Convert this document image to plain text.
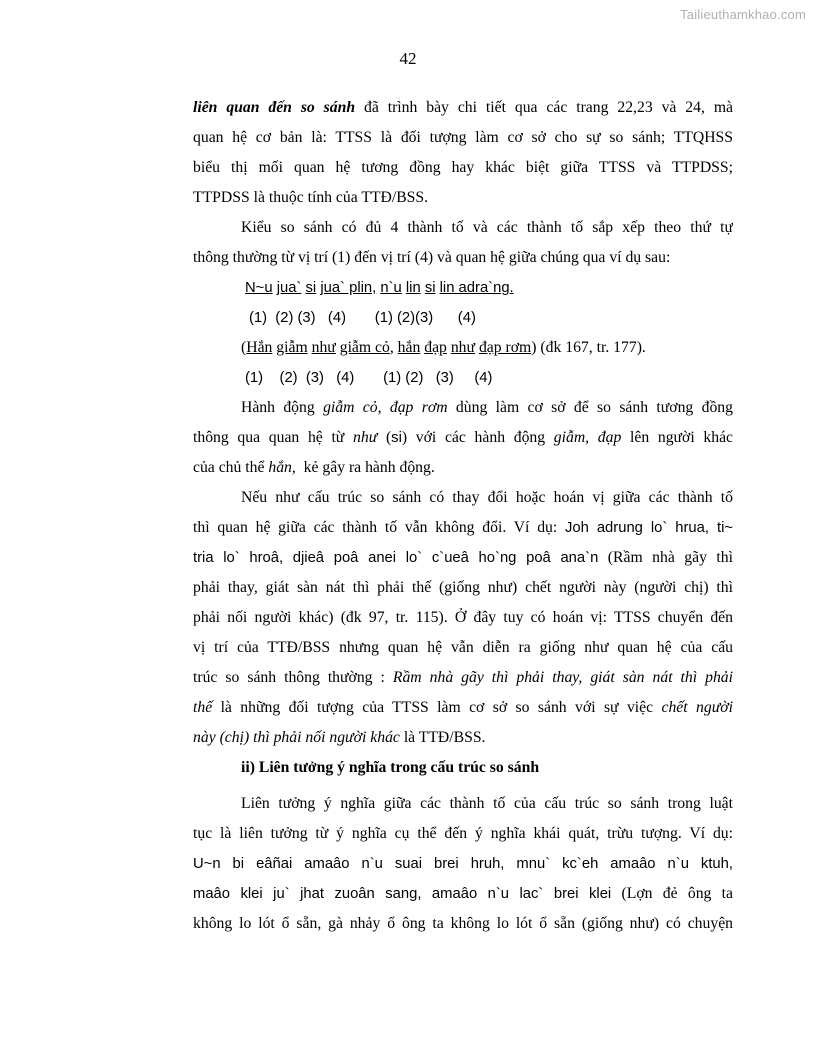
Tailieuthamkhao.com
42
liên quan đến so sánh đã trình bày chi tiết qua các trang 22,23 và 24, mà
quan hệ cơ bản là: TTSS là đối tượng làm cơ sở cho sự so sánh; TTQHSS
biểu thị mối quan hệ tương đồng hay khác biệt giữa TTSS và TTPDSS;
TTPDSS là thuộc tính của TTĐ/BSS.
Kiểu so sánh có đủ 4 thành tố và các thành tố sắp xếp theo thứ tự
thông thường từ vị trí (1) đến vị trí (4) và quan hệ giữa chúng qua ví dụ sau:
N~u jua` si jua` plin, n`u lin si lin adra`ng.
(1)  (2) (3)   (4)       (1) (2)(3)      (4)
(Hắn giẫm như giẫm cỏ, hắn đạp như đạp rơm) (đk 167, tr. 177).
(1)    (2)  (3)   (4)       (1) (2)   (3)     (4)
Hành động giẫm cỏ, đạp rơm dùng làm cơ sở để so sánh tương đồng
thông qua quan hệ từ như (si) với các hành động giẫm, đạp lên người khác
của chủ thể hắn,  kẻ gây ra hành động.
Nếu như cấu trúc so sánh có thay đổi hoặc hoán vị giữa các thành tố
thì quan hệ giữa các thành tố vẫn không đổi. Ví dụ: Joh adrung lo` hrua, ti~
tria lo` hroâ, djieâ poâ anei lo` c`ueâ ho`ng poâ ana`n (Rầm nhà gãy thì
phải thay, giát sàn nát thì phải thế (giống như) chết người này (người chị) thì
phải nối người khác) (đk 97, tr. 115). Ở đây tuy có hoán vị: TTSS chuyển đến
vị trí của TTĐ/BSS nhưng quan hệ vẫn diễn ra giống như quan hệ của cấu
trúc so sánh thông thường : Rầm nhà gãy thì phải thay, giát sàn nát thì phải
thế là những đối tượng của TTSS làm cơ sở so sánh với sự việc chết người
này (chị) thì phải nối người khác là TTĐ/BSS.
ii) Liên tưởng ý nghĩa trong cấu trúc so sánh
Liên tưởng ý nghĩa giữa các thành tố của cấu trúc so sánh trong luật
tục là liên tưởng từ ý nghĩa cụ thể đến ý nghĩa khái quát, trừu tượng. Ví dụ:
U~n bi eâñai amaâo n`u suai brei hruh, mnu` kc`eh amaâo n`u ktuh,
maâo klei ju` jhat zuoân sang, amaâo n`u lac` brei klei (Lợn đẻ ông ta
không lo lót ổ sẵn, gà nhảy ổ ông ta không lo lót ổ sẵn (giống như) có chuyện
